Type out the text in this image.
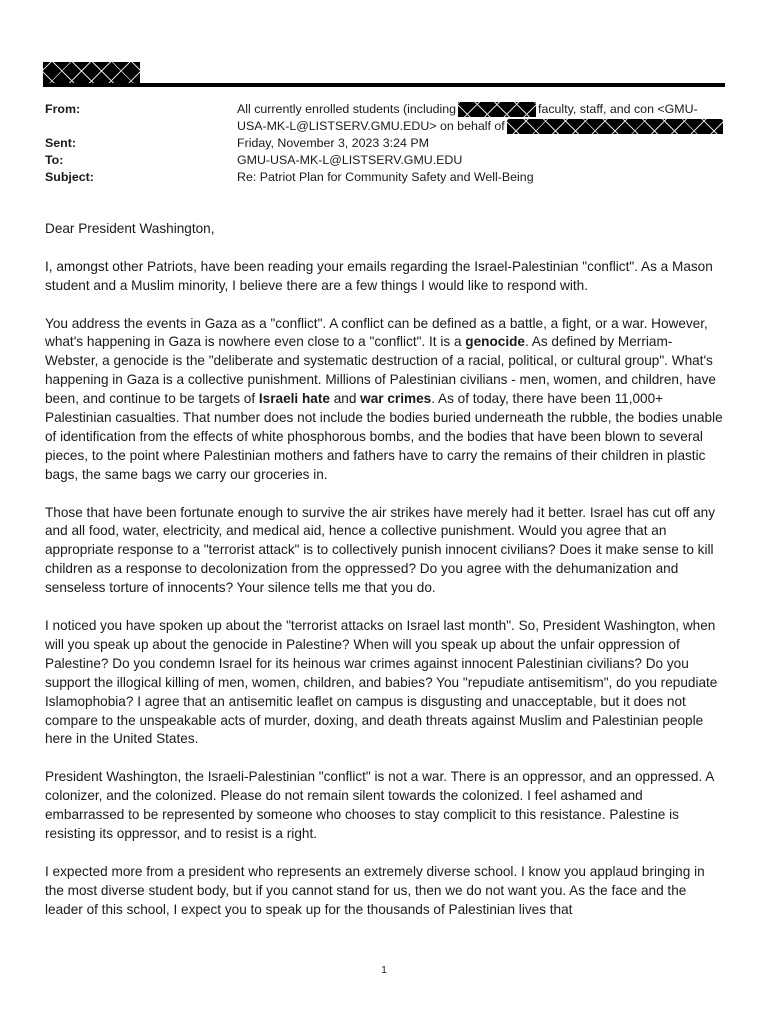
From:	All currently enrolled students (including	faculty, staff, and con <GMU-USA-MK-L@LISTSERV.GMU.EDU> on behalf of
Sent:	Friday, November 3, 2023 3:24 PM
To:	GMU-USA-MK-L@LISTSERV.GMU.EDU
Subject:	Re: Patriot Plan for Community Safety and Well-Being

Dear President Washington,

I, amongst other Patriots, have been reading your emails regarding the Israel-Palestinian "conflict". As a Mason student and a Muslim minority, I believe there are a few things I would like to respond with.

You address the events in Gaza as a "conflict". A conflict can be defined as a battle, a fight, or a war. However, what's happening in Gaza is nowhere even close to a "conflict". It is a genocide. As defined by Merriam-Webster, a genocide is the "deliberate and systematic destruction of a racial, political, or cultural group". What's happening in Gaza is a collective punishment. Millions of Palestinian civilians - men, women, and children, have been, and continue to be targets of Israeli hate and war crimes. As of today, there have been 11,000+ Palestinian casualties. That number does not include the bodies buried underneath the rubble, the bodies unable of identification from the effects of white phosphorous bombs, and the bodies that have been blown to several pieces, to the point where Palestinian mothers and fathers have to carry the remains of their children in plastic bags, the same bags we carry our groceries in.

Those that have been fortunate enough to survive the air strikes have merely had it better. Israel has cut off any and all food, water, electricity, and medical aid, hence a collective punishment. Would you agree that an appropriate response to a "terrorist attack" is to collectively punish innocent civilians? Does it make sense to kill children as a response to decolonization from the oppressed? Do you agree with the dehumanization and senseless torture of innocents? Your silence tells me that you do.

I noticed you have spoken up about the "terrorist attacks on Israel last month". So, President Washington, when will you speak up about the genocide in Palestine? When will you speak up about the unfair oppression of Palestine? Do you condemn Israel for its heinous war crimes against innocent Palestinian civilians? Do you support the illogical killing of men, women, children, and babies? You "repudiate antisemitism", do you repudiate Islamophobia? I agree that an antisemitic leaflet on campus is disgusting and unacceptable, but it does not compare to the unspeakable acts of murder, doxing, and death threats against Muslim and Palestinian people here in the United States.

President Washington, the Israeli-Palestinian "conflict" is not a war. There is an oppressor, and an oppressed. A colonizer, and the colonized. Please do not remain silent towards the colonized. I feel ashamed and embarrassed to be represented by someone who chooses to stay complicit to this resistance. Palestine is resisting its oppressor, and to resist is a right.

I expected more from a president who represents an extremely diverse school. I know you applaud bringing in the most diverse student body, but if you cannot stand for us, then we do not want you. As the face and the leader of this school, I expect you to speak up for the thousands of Palestinian lives that

1
